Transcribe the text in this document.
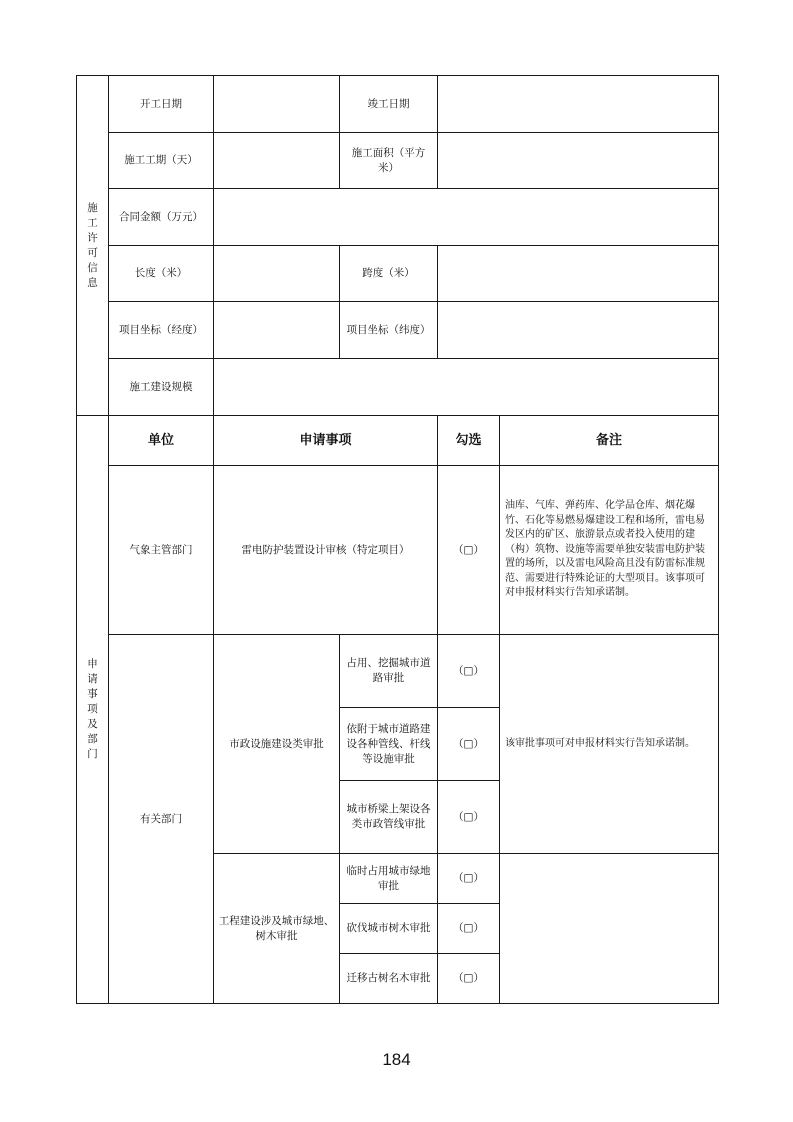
施工许可信息	开工日期		竣工日期		
	施工工期（天）		施工面积（平方米）		
	合同金额（万元）				
	长度（米）		跨度（米）		
	项目坐标（经度）		项目坐标（纬度）		
	施工建设规模				
申请事项及部门	单位	申请事项		勾选	备注
	气象主管部门	雷电防护装置设计审核（特定项目）		（□）	油库、气库、弹药库、化学品仓库、烟花爆竹、石化等易燃易爆建设工程和场所，雷电易发区内的矿区、旅游景点或者投入使用的建（构）筑物、设施等需要单独安装雷电防护装置的场所，以及雷电风险高且没有防雷标准规范、需要进行特殊论证的大型项目。该事项可对申报材料实行告知承诺制。
	有关部门	市政设施建设类审批	占用、挖掘城市道路审批	（□）	该审批事项可对申报材料实行告知承诺制。
			依附于城市道路建设各种管线、杆线等设施审批	（□）	
			城市桥梁上架设各类市政管线审批	（□）	
		工程建设涉及城市绿地、树木审批	临时占用城市绿地审批	（□）	
			砍伐城市树木审批	（□）	
			迁移古树名木审批	（□）	
184
